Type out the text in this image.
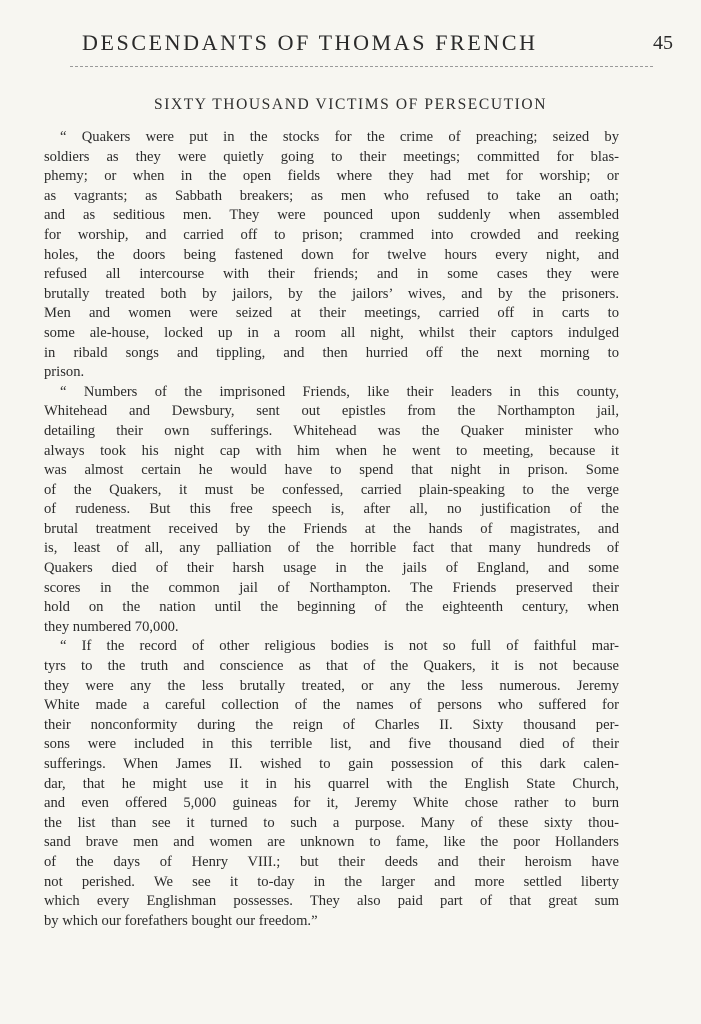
DESCENDANTS OF THOMAS FRENCH	45
SIXTY THOUSAND VICTIMS OF PERSECUTION

“ Quakers were put in the stocks for the crime of preaching; seized by
soldiers as they were quietly going to their meetings; committed for blas-
phemy; or when in the open fields where they had met for worship; or
as vagrants; as Sabbath breakers; as men who refused to take an oath;
and as seditious men. They were pounced upon suddenly when assembled
for worship, and carried off to prison; crammed into crowded and reeking
holes, the doors being fastened down for twelve hours every night, and
refused all intercourse with their friends; and in some cases they were
brutally treated both by jailors, by the jailors’ wives, and by the prisoners.
Men and women were seized at their meetings, carried off in carts to
some ale-house, locked up in a room all night, whilst their captors indulged
in ribald songs and tippling, and then hurried off the next morning to
prison.

“ Numbers of the imprisoned Friends, like their leaders in this county,
Whitehead and Dewsbury, sent out epistles from the Northampton jail,
detailing their own sufferings. Whitehead was the Quaker minister who
always took his night cap with him when he went to meeting, because it
was almost certain he would have to spend that night in prison. Some
of the Quakers, it must be confessed, carried plain-speaking to the verge
of rudeness. But this free speech is, after all, no justification of the
brutal treatment received by the Friends at the hands of magistrates, and
is, least of all, any palliation of the horrible fact that many hundreds of
Quakers died of their harsh usage in the jails of England, and some
scores in the common jail of Northampton. The Friends preserved their
hold on the nation until the beginning of the eighteenth century, when
they numbered 70,000.

“ If the record of other religious bodies is not so full of faithful mar-
tyrs to the truth and conscience as that of the Quakers, it is not because
they were any the less brutally treated, or any the less numerous. Jeremy
White made a careful collection of the names of persons who suffered for
their nonconformity during the reign of Charles II. Sixty thousand per-
sons were included in this terrible list, and five thousand died of their
sufferings. When James II. wished to gain possession of this dark calen-
dar, that he might use it in his quarrel with the English State Church,
and even offered 5,000 guineas for it, Jeremy White chose rather to burn
the list than see it turned to such a purpose. Many of these sixty thou-
sand brave men and women are unknown to fame, like the poor Hollanders
of the days of Henry VIII.; but their deeds and their heroism have
not perished. We see it to-day in the larger and more settled liberty
which every Englishman possesses. They also paid part of that great sum
by which our forefathers bought our freedom.”
